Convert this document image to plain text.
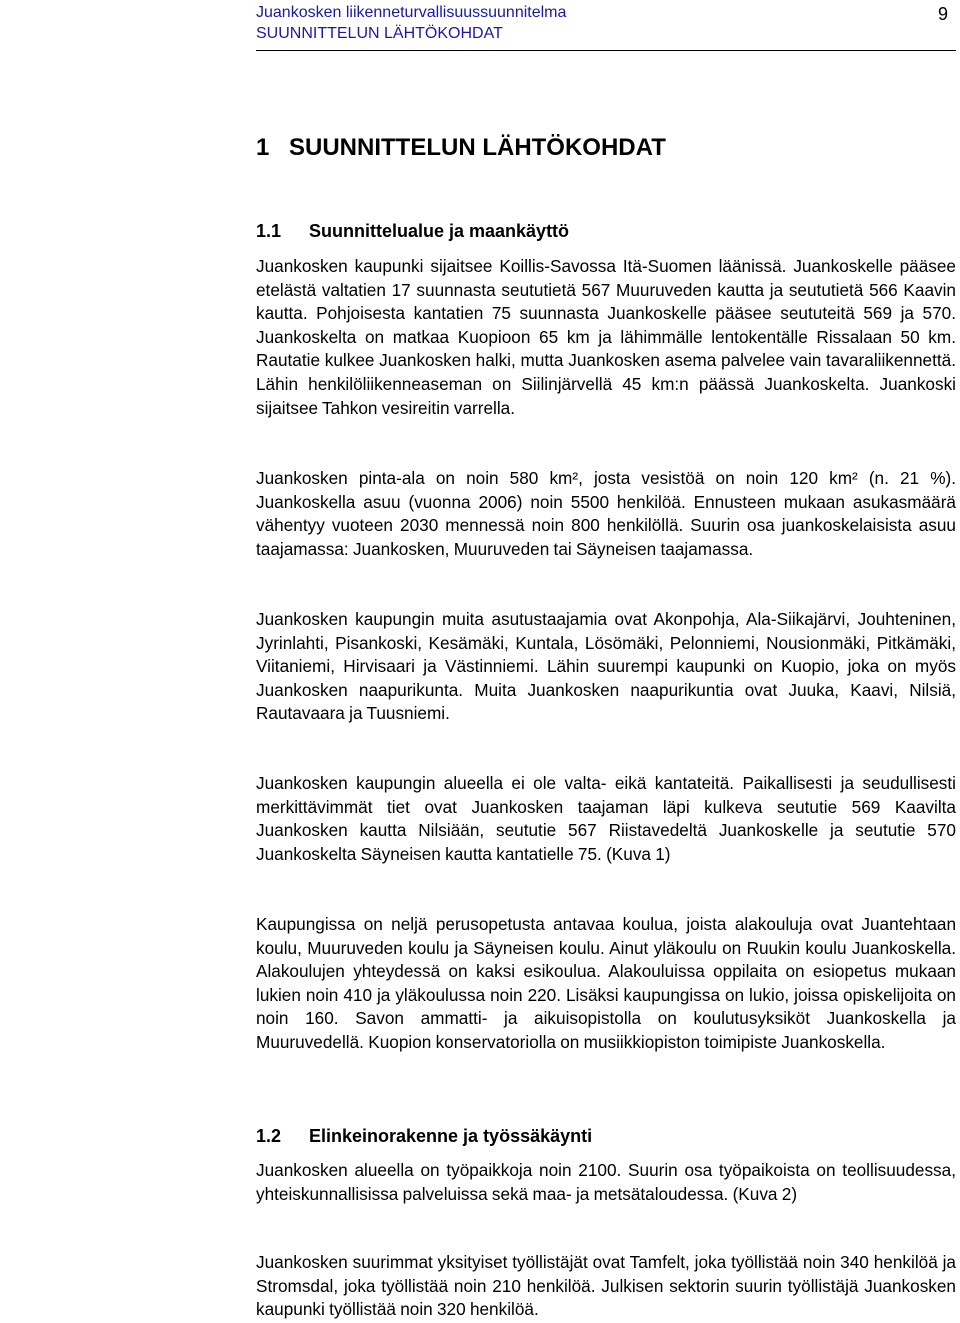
Juankosken liikenneturvallisuussuunnitelma
SUUNNITTELUN LÄHTÖKOHDAT
9
1 SUUNNITTELUN LÄHTÖKOHDAT
1.1 Suunnittelualue ja maankäyttö

Juankosken kaupunki sijaitsee Koillis-Savossa Itä-Suomen läänissä. Juankoskelle pääsee etelästä valtatien 17 suunnasta seututietä 567 Muuruveden kautta ja seututietä 566 Kaavin kautta. Pohjoisesta kantatien 75 suunnasta Juankoskelle pääsee seututeitä 569 ja 570. Juankoskelta on matkaa Kuopioon 65 km ja lähimmälle lentokentälle Rissalaan 50 km. Rautatie kulkee Juankosken halki, mutta Juankosken asema palvelee vain tavaraliikennettä. Lähin henkilöliikenneaseman on Siilinjärvellä 45 km:n päässä Juankoskelta. Juankoski sijaitsee Tahkon vesireitin varrella.

Juankosken pinta-ala on noin 580 km², josta vesistöä on noin 120 km² (n. 21 %). Juankoskella asuu (vuonna 2006) noin 5500 henkilöä. Ennusteen mukaan asukasmäärä vähentyy vuoteen 2030 mennessä noin 800 henkilöllä. Suurin osa juankoskelaisista asuu taajamassa: Juankosken, Muuruveden tai Säyneisen taajamassa.

Juankosken kaupungin muita asutustaajamia ovat Akonpohja, Ala-Siikajärvi, Jouhteninen, Jyrinlahti, Pisankoski, Kesämäki, Kuntala, Lösömäki, Pelonniemi, Nousionmäki, Pitkämäki, Viitaniemi, Hirvisaari ja Västinniemi. Lähin suurempi kaupunki on Kuopio, joka on myös Juankosken naapurikunta. Muita Juankosken naapurikuntia ovat Juuka, Kaavi, Nilsiä, Rautavaara ja Tuusniemi.

Juankosken kaupungin alueella ei ole valta- eikä kantateitä. Paikallisesti ja seudullisesti merkittävimmät tiet ovat Juankosken taajaman läpi kulkeva seututie 569 Kaavilta Juankosken kautta Nilsiään, seututie 567 Riistavedeltä Juankoskelle ja seututie 570 Juankoskelta Säyneisen kautta kantatielle 75. (Kuva 1)

Kaupungissa on neljä perusopetusta antavaa koulua, joista alakouluja ovat Juantehtaan koulu, Muuruveden koulu ja Säyneisen koulu. Ainut yläkoulu on Ruukin koulu Juankoskella. Alakoulujen yhteydessä on kaksi esikoulua. Alakouluissa oppilaita on esiopetus mukaan lukien noin 410 ja yläkoulussa noin 220. Lisäksi kaupungissa on lukio, joissa opiskelijoita on noin 160. Savon ammatti- ja aikuisopistolla on koulutusyksiköt Juankoskella ja Muuruvedellä. Kuopion konservatoriolla on musiikkiopiston toimipiste Juankoskella.

1.2 Elinkeinorakenne ja työssäkäynti

Juankosken alueella on työpaikkoja noin 2100. Suurin osa työpaikoista on teollisuudessa, yhteiskunnallisissa palveluissa sekä maa- ja metsätaloudessa. (Kuva 2)

Juankosken suurimmat yksityiset työllistäjät ovat Tamfelt, joka työllistää noin 340 henkilöä ja Stromsdal, joka työllistää noin 210 henkilöä. Julkisen sektorin suurin työllistäjä Juankosken kaupunki työllistää noin 320 henkilöä.
